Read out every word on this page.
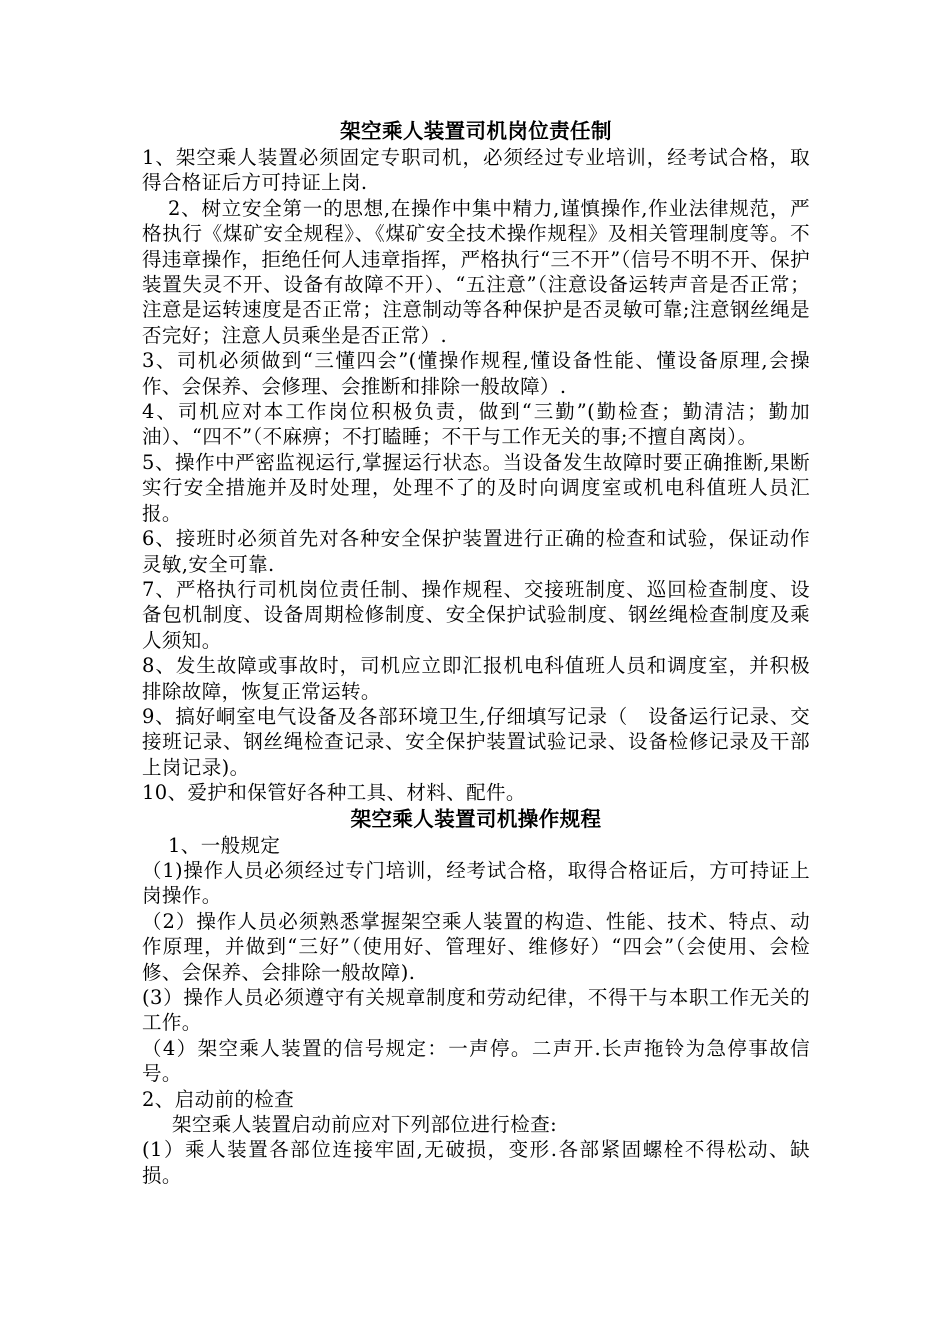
架空乘人装置司机岗位责任制

1、架空乘人装置必须固定专职司机，必须经过专业培训，经考试合格，取得合格证后方可持证上岗.

2、树立安全第一的思想,在操作中集中精力,谨慎操作,作业法律规范，严格执行《煤矿安全规程》、《煤矿安全技术操作规程》及相关管理制度等。不得违章操作，拒绝任何人违章指挥，严格执行“三不开”（信号不明不开、保护装置失灵不开、设备有故障不开）、“五注意”（注意设备运转声音是否正常；注意是运转速度是否正常；注意制动等各种保护是否灵敏可靠;注意钢丝绳是否完好；注意人员乘坐是否正常）.

3、司机必须做到“三懂四会”(懂操作规程,懂设备性能、懂设备原理,会操作、会保养、会修理、会推断和排除一般故障）.

4、司机应对本工作岗位积极负责，做到“三勤”(勤检查；勤清洁；勤加油）、“四不”（不麻痹；不打瞌睡；不干与工作无关的事;不擅自离岗）。

5、操作中严密监视运行,掌握运行状态。当设备发生故障时要正确推断,果断实行安全措施并及时处理，处理不了的及时向调度室或机电科值班人员汇报。

6、接班时必须首先对各种安全保护装置进行正确的检查和试验，保证动作灵敏,安全可靠.

7、严格执行司机岗位责任制、操作规程、交接班制度、巡回检查制度、设备包机制度、设备周期检修制度、安全保护试验制度、钢丝绳检查制度及乘人须知。

8、发生故障或事故时，司机应立即汇报机电科值班人员和调度室，并积极排除故障，恢复正常运转。

9、搞好峒室电气设备及各部环境卫生,仔细填写记录（　设备运行记录、交接班记录、钢丝绳检查记录、安全保护装置试验记录、设备检修记录及干部上岗记录)。

10、爱护和保管好各种工具、材料、配件。

架空乘人装置司机操作规程

1、一般规定

（1)操作人员必须经过专门培训，经考试合格，取得合格证后，方可持证上岗操作。

（2）操作人员必须熟悉掌握架空乘人装置的构造、性能、技术、特点、动作原理，并做到“三好”（使用好、管理好、维修好）“四会”（会使用、会检修、会保养、会排除一般故障).

(3）操作人员必须遵守有关规章制度和劳动纪律，不得干与本职工作无关的工作。

（4）架空乘人装置的信号规定：一声停。二声开.长声拖铃为急停事故信号。

2、启动前的检查

架空乘人装置启动前应对下列部位进行检查:

(1）乘人装置各部位连接牢固,无破损，变形.各部紧固螺栓不得松动、缺损。
